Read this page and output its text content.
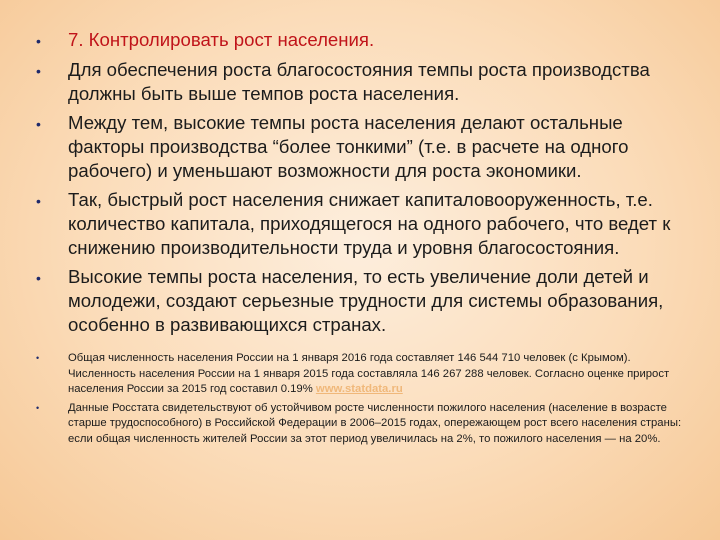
• 7. Контролировать рост населения.
• Для обеспечения роста благосостояния темпы роста производства должны быть выше темпов роста населения.
• Между тем, высокие темпы роста населения делают остальные факторы производства “более тонкими” (т.е. в расчете на одного рабочего) и уменьшают возможности для роста экономики.
• Так, быстрый рост населения снижает капиталовооруженность, т.е. количество капитала, приходящегося на одного рабочего, что ведет к снижению производительности труда и уровня благосостояния.
• Высокие темпы роста населения, то есть увеличение доли детей и молодежи, создают серьезные трудности для системы образования, особенно в развивающихся странах.
•	Общая численность населения России на 1 января 2016 года составляет 146 544 710 человек (с Крымом). Численность населения России на 1 января 2015 года составляла 146 267 288 человек. Согласно оценке прирост населения России за 2015 год составил 0.19% www.statdata.ru
•	Данные Росстата свидетельствуют об устойчивом росте численности пожилого населения (население в возрасте старше трудоспособного) в Российской Федерации в 2006–2015 годах, опережающем рост всего населения страны: если общая численность жителей России за этот период увеличилась на 2%, то пожилого населения — на 20%.
